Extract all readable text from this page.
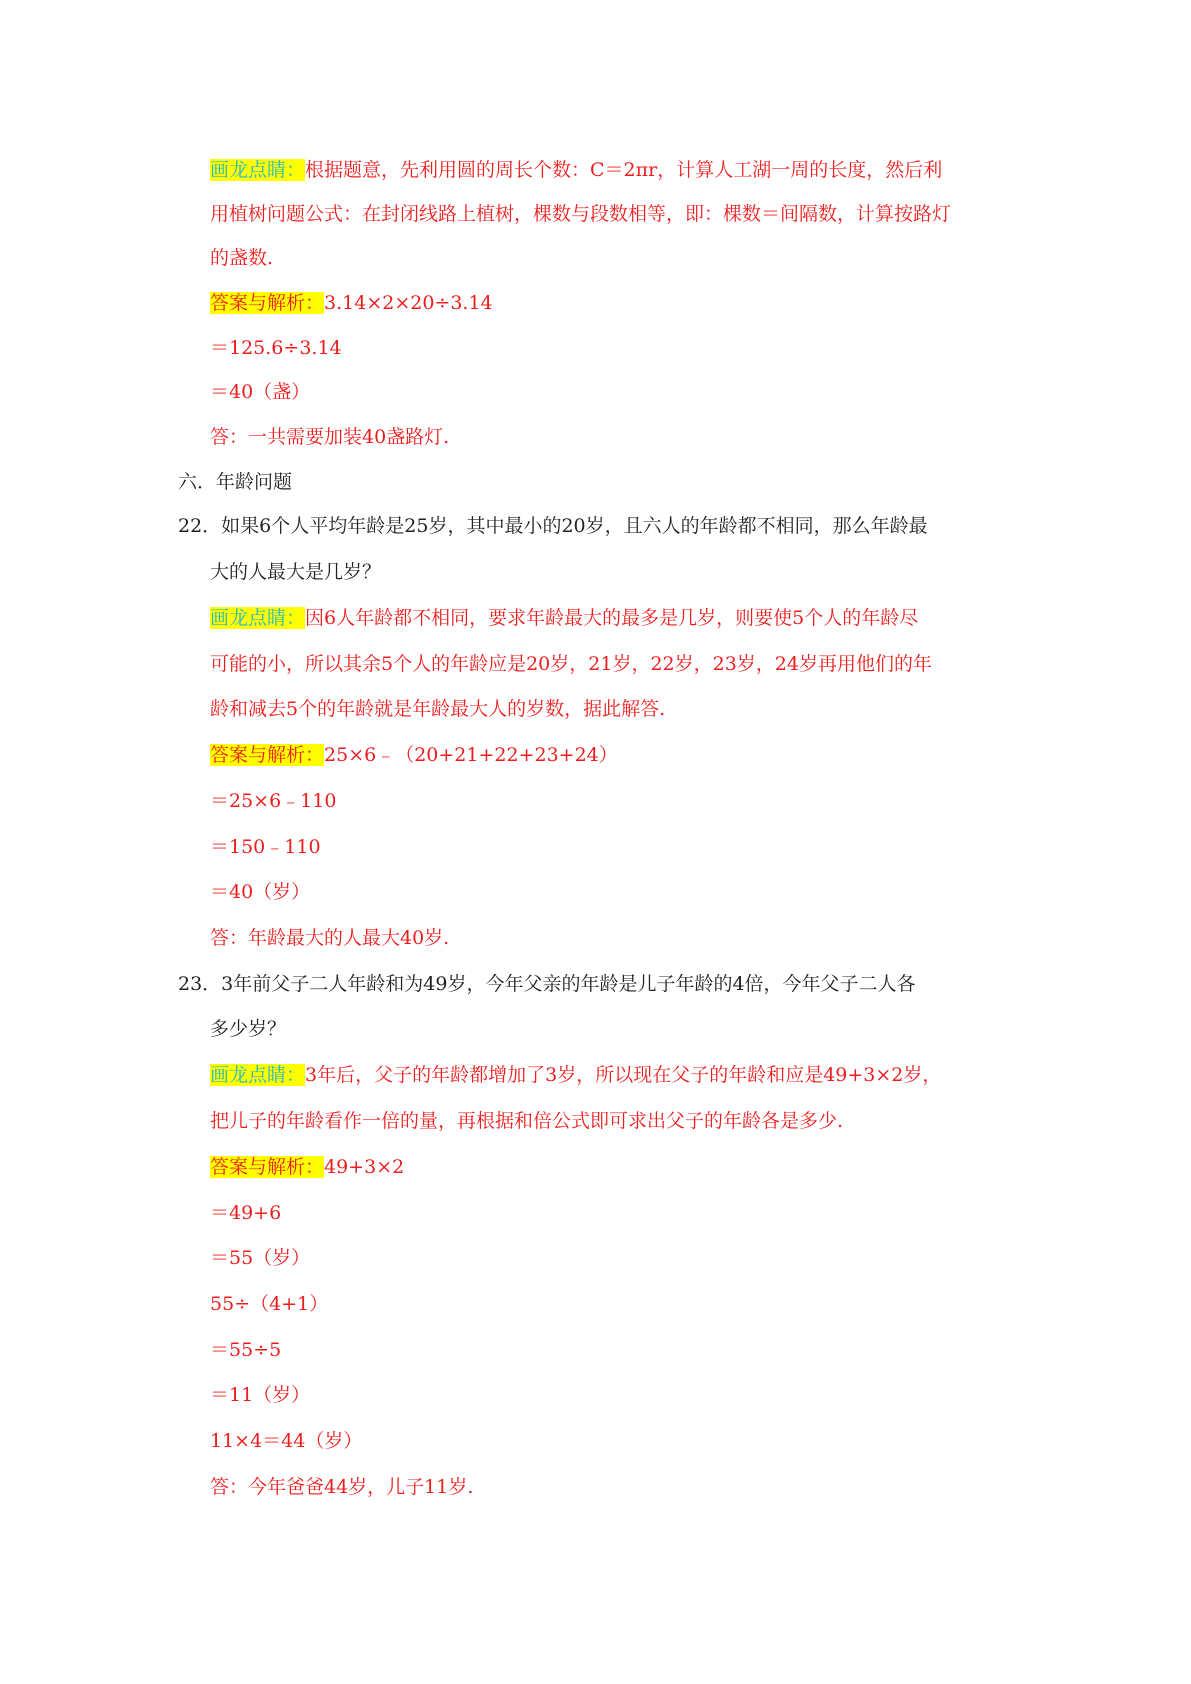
画龙点睛：根据题意，先利用圆的周长个数：C＝2πr，计算人工湖一周的长度，然后利
用植树问题公式：在封闭线路上植树，棵数与段数相等，即：棵数＝间隔数，计算按路灯
的盏数.
答案与解析：3.14×2×20÷3.14
＝125.6÷3.14
＝40（盏）
答：一共需要加装40盏路灯.
六．年龄问题
22．如果6个人平均年龄是25岁，其中最小的20岁，且六人的年龄都不相同，那么年龄最
大的人最大是几岁？
画龙点睛：因6人年龄都不相同，要求年龄最大的最多是几岁，则要使5个人的年龄尽
可能的小，所以其余5个人的年龄应是20岁，21岁，22岁，23岁，24岁再用他们的年
龄和减去5个的年龄就是年龄最大人的岁数，据此解答.
答案与解析：25×6﹣（20+21+22+23+24）
＝25×6﹣110
＝150﹣110
＝40（岁）
答：年龄最大的人最大40岁.
23．3年前父子二人年龄和为49岁，今年父亲的年龄是儿子年龄的4倍，今年父子二人各
多少岁？
画龙点睛：3年后，父子的年龄都增加了3岁，所以现在父子的年龄和应是49+3×2岁，
把儿子的年龄看作一倍的量，再根据和倍公式即可求出父子的年龄各是多少.
答案与解析：49+3×2
＝49+6
＝55（岁）
55÷（4+1）
＝55÷5
＝11（岁）
11×4＝44（岁）
答：今年爸爸44岁，儿子11岁.
